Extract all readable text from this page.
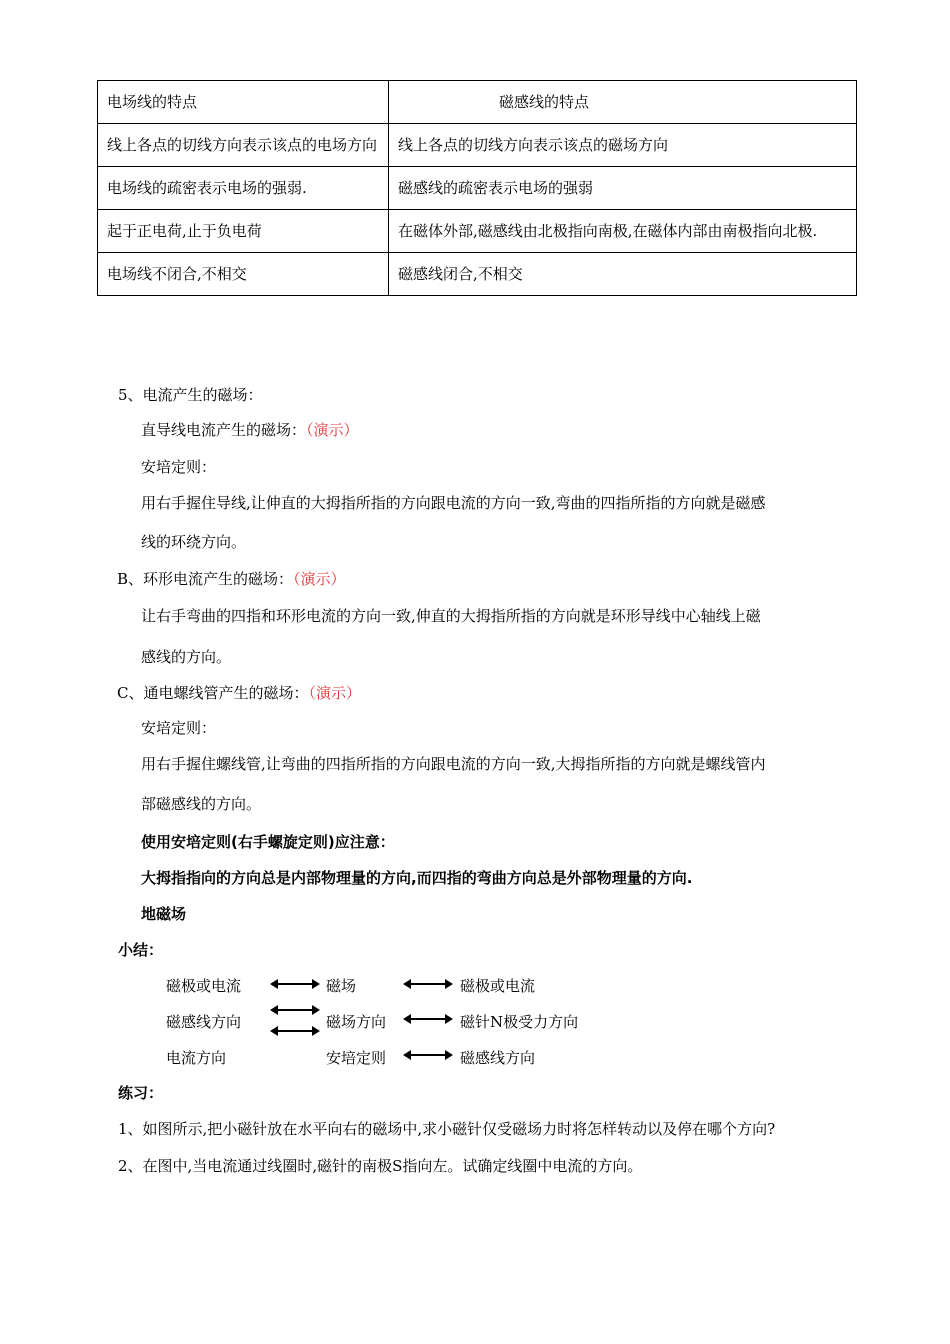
电场线的特点	磁感线的特点
线上各点的切线方向表示该点的电场方向	线上各点的切线方向表示该点的磁场方向
电场线的疏密表示电场的强弱.	磁感线的疏密表示电场的强弱
起于正电荷,止于负电荷	在磁体外部,磁感线由北极指向南极,在磁体内部由南极指向北极.
电场线不闭合,不相交	磁感线闭合,不相交
5、电流产生的磁场：
直导线电流产生的磁场：（演示）
安培定则：
用右手握住导线,让伸直的大拇指所指的方向跟电流的方向一致,弯曲的四指所指的方向就是磁感
线的环绕方向。
B、环形电流产生的磁场：（演示）
让右手弯曲的四指和环形电流的方向一致,伸直的大拇指所指的方向就是环形导线中心轴线上磁
感线的方向。
C、通电螺线管产生的磁场：（演示）
安培定则：
用右手握住螺线管,让弯曲的四指所指的方向跟电流的方向一致,大拇指所指的方向就是螺线管内
部磁感线的方向。
使用安培定则(右手螺旋定则)应注意：
大拇指指向的方向总是内部物理量的方向,而四指的弯曲方向总是外部物理量的方向.
地磁场
小结：
磁极或电流	磁场	磁极或电流
磁感线方向	磁场方向	磁针N极受力方向
电流方向	安培定则	磁感线方向
练习：
1、如图所示,把小磁针放在水平向右的磁场中,求小磁针仅受磁场力时将怎样转动以及停在哪个方向?
2、在图中,当电流通过线圈时,磁针的南极S指向左。试确定线圈中电流的方向。
